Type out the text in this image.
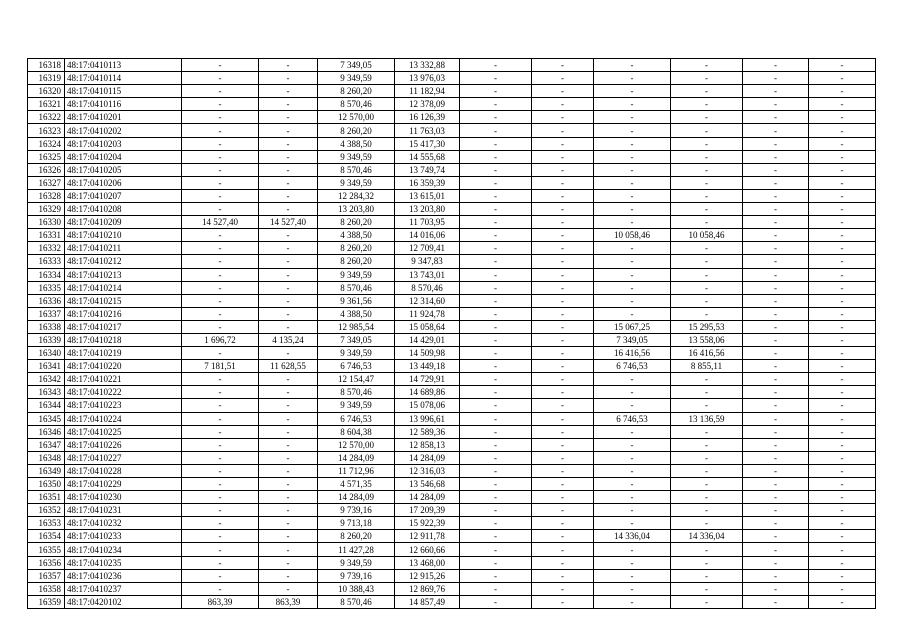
16318	48:17:0410113	-	-	7 349,05	13 332,88	-	-	-	-	-	-
16319	48:17:0410114	-	-	9 349,59	13 976,03	-	-	-	-	-	-
16320	48:17:0410115	-	-	8 260,20	11 182,94	-	-	-	-	-	-
16321	48:17:0410116	-	-	8 570,46	12 378,09	-	-	-	-	-	-
16322	48:17:0410201	-	-	12 570,00	16 126,39	-	-	-	-	-	-
16323	48:17:0410202	-	-	8 260,20	11 763,03	-	-	-	-	-	-
16324	48:17:0410203	-	-	4 388,50	15 417,30	-	-	-	-	-	-
16325	48:17:0410204	-	-	9 349,59	14 555,68	-	-	-	-	-	-
16326	48:17:0410205	-	-	8 570,46	13 749,74	-	-	-	-	-	-
16327	48:17:0410206	-	-	9 349,59	16 359,39	-	-	-	-	-	-
16328	48:17:0410207	-	-	12 284,32	13 615,01	-	-	-	-	-	-
16329	48:17:0410208	-	-	13 203,80	13 203,80	-	-	-	-	-	-
16330	48:17:0410209	14 527,40	14 527,40	8 260,20	11 703,95	-	-	-	-	-	-
16331	48:17:0410210	-	-	4 388,50	14 016,06	-	-	10 058,46	10 058,46	-	-
16332	48:17:0410211	-	-	8 260,20	12 709,41	-	-	-	-	-	-
16333	48:17:0410212	-	-	8 260,20	9 347,83	-	-	-	-	-	-
16334	48:17:0410213	-	-	9 349,59	13 743,01	-	-	-	-	-	-
16335	48:17:0410214	-	-	8 570,46	8 570,46	-	-	-	-	-	-
16336	48:17:0410215	-	-	9 361,56	12 314,60	-	-	-	-	-	-
16337	48:17:0410216	-	-	4 388,50	11 924,78	-	-	-	-	-	-
16338	48:17:0410217	-	-	12 985,54	15 058,64	-	-	15 067,25	15 295,53	-	-
16339	48:17:0410218	1 696,72	4 135,24	7 349,05	14 429,01	-	-	7 349,05	13 558,06	-	-
16340	48:17:0410219	-	-	9 349,59	14 509,98	-	-	16 416,56	16 416,56	-	-
16341	48:17:0410220	7 181,51	11 628,55	6 746,53	13 449,18	-	-	6 746,53	8 855,11	-	-
16342	48:17:0410221	-	-	12 154,47	14 729,91	-	-	-	-	-	-
16343	48:17:0410222	-	-	8 570,46	14 689,86	-	-	-	-	-	-
16344	48:17:0410223	-	-	9 349,59	15 078,06	-	-	-	-	-	-
16345	48:17:0410224	-	-	6 746,53	13 996,61	-	-	6 746,53	13 136,59	-	-
16346	48:17:0410225	-	-	8 604,38	12 589,36	-	-	-	-	-	-
16347	48:17:0410226	-	-	12 570,00	12 858,13	-	-	-	-	-	-
16348	48:17:0410227	-	-	14 284,09	14 284,09	-	-	-	-	-	-
16349	48:17:0410228	-	-	11 712,96	12 316,03	-	-	-	-	-	-
16350	48:17:0410229	-	-	4 571,35	13 546,68	-	-	-	-	-	-
16351	48:17:0410230	-	-	14 284,09	14 284,09	-	-	-	-	-	-
16352	48:17:0410231	-	-	9 739,16	17 209,39	-	-	-	-	-	-
16353	48:17:0410232	-	-	9 713,18	15 922,39	-	-	-	-	-	-
16354	48:17:0410233	-	-	8 260,20	12 911,78	-	-	14 336,04	14 336,04	-	-
16355	48:17:0410234	-	-	11 427,28	12 660,66	-	-	-	-	-	-
16356	48:17:0410235	-	-	9 349,59	13 468,00	-	-	-	-	-	-
16357	48:17:0410236	-	-	9 739,16	12 915,26	-	-	-	-	-	-
16358	48:17:0410237	-	-	10 388,43	12 869,76	-	-	-	-	-	-
16359	48:17:0420102	863,39	863,39	8 570,46	14 857,49	-	-	-	-	-	-
